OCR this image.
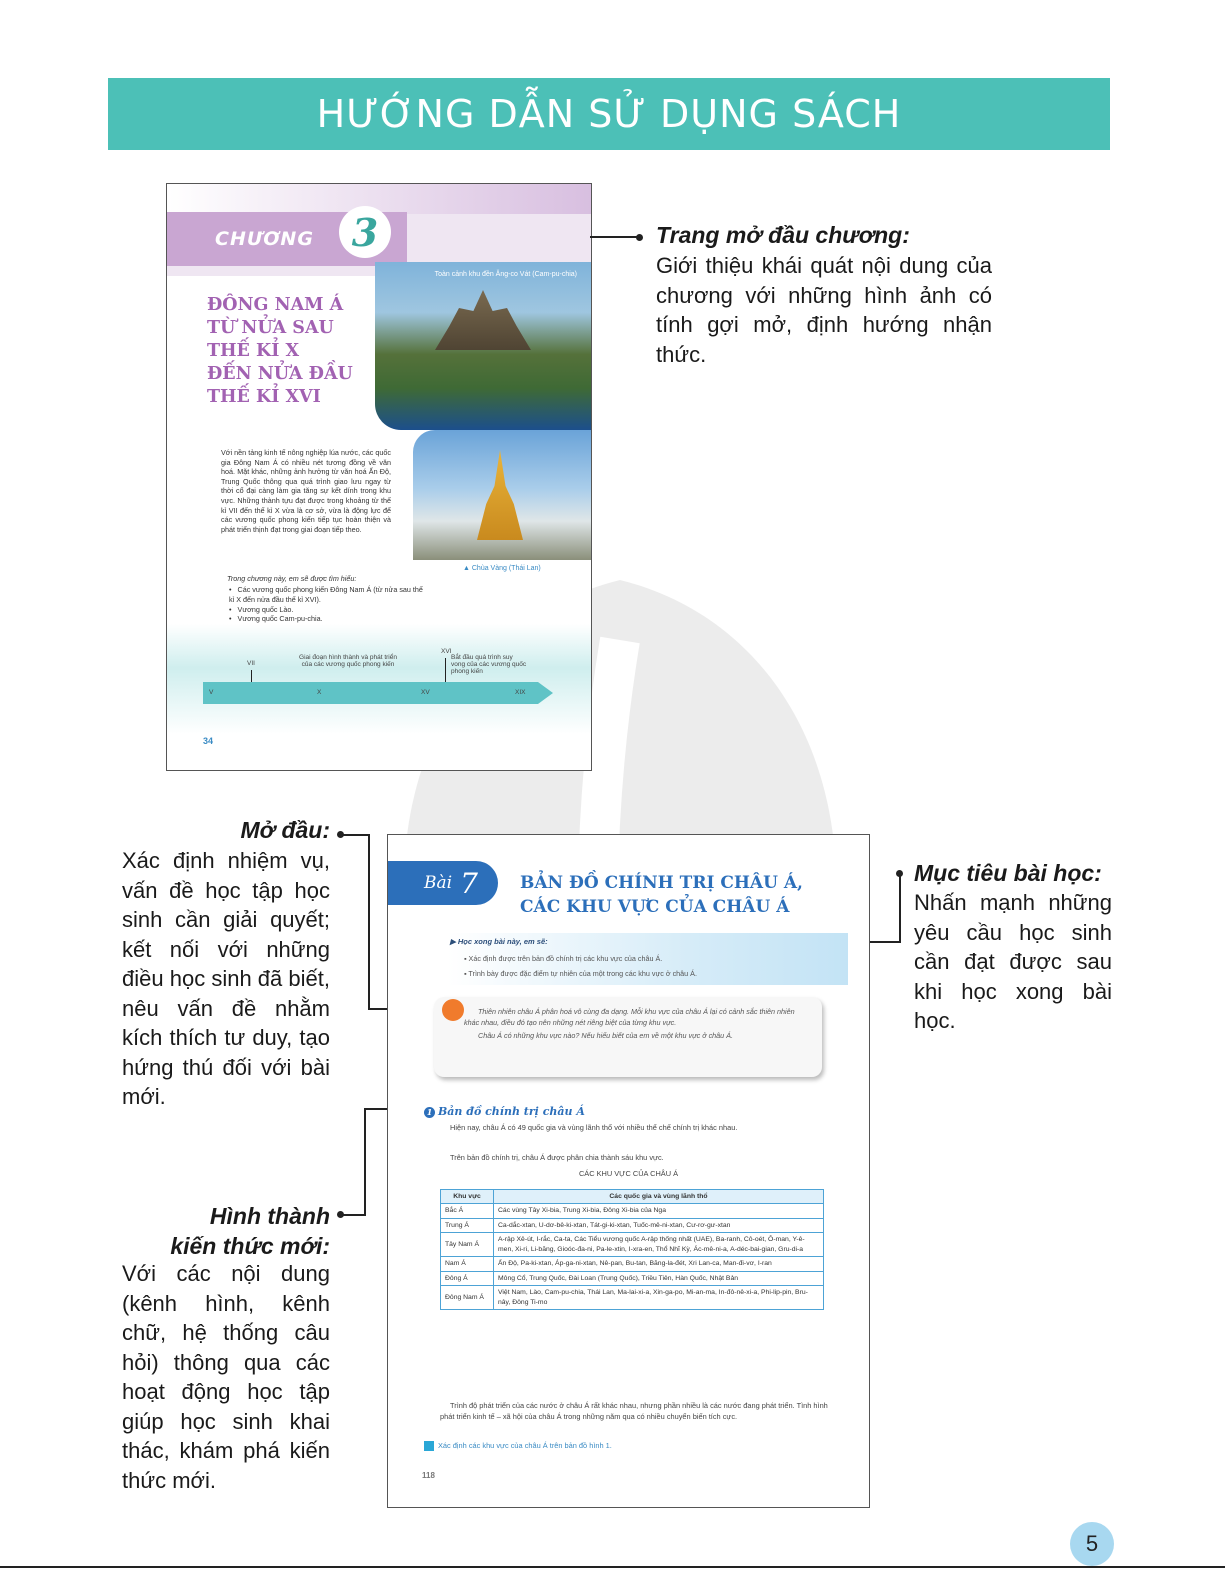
HƯỚNG DẪN SỬ DỤNG SÁCH
CHƯƠNG 3
ĐÔNG NAM Á
TỪ NỬA SAU
THẾ KỈ X
ĐẾN NỬA ĐẦU
THẾ KỈ XVI
Toàn cảnh khu đền Ăng-co Vát (Cam-pu-chia)
▲ Chùa Vàng (Thái Lan)
Với nền tảng kinh tế nông nghiệp lúa nước, các quốc gia Đông Nam Á có nhiều nét tương đồng về văn hoá. Mặt khác, những ảnh hưởng từ văn hoá Ấn Độ, Trung Quốc thông qua quá trình giao lưu ngay từ thời cổ đại càng làm gia tăng sự kết dính trong khu vực. Những thành tựu đạt được trong khoảng từ thế kỉ VII đến thế kỉ X vừa là cơ sở, vừa là động lực để các vương quốc phong kiến tiếp tục hoàn thiện và phát triển thịnh đạt trong giai đoạn tiếp theo.
Trong chương này, em sẽ được tìm hiểu:
• Các vương quốc phong kiến Đông Nam Á (từ nửa sau thế kỉ X đến nửa đầu thế kỉ XVI).
• Vương quốc Lào.
• Vương quốc Cam-pu-chia.
Giai đoạn hình thành và phát triển của các vương quốc phong kiến
Bắt đầu quá trình suy vong của các vương quốc phong kiến
VII
XVI
V	X	XV	XIX
34
Trang mở đầu chương:
Giới thiệu khái quát nội dung của chương với những hình ảnh có tính gợi mở, định hướng nhận thức.
Mở đầu:
Xác định nhiệm vụ, vấn đề học tập học sinh cần giải quyết; kết nối với những điều học sinh đã biết, nêu vấn đề nhằm kích thích tư duy, tạo hứng thú đối với bài mới.
Hình thành
kiến thức mới:
Với các nội dung (kênh hình, kênh chữ, hệ thống câu hỏi) thông qua các hoạt động học tập giúp học sinh khai thác, khám phá kiến thức mới.
Mục tiêu bài học:
Nhấn mạnh những yêu cầu học sinh cần đạt được sau khi học xong bài học.
Bài 7 BẢN ĐỒ CHÍNH TRỊ CHÂU Á,
CÁC KHU VỰC CỦA CHÂU Á
▶ Học xong bài này, em sẽ:
▪ Xác định được trên bản đồ chính trị các khu vực của châu Á.
▪ Trình bày được đặc điểm tự nhiên của một trong các khu vực ở châu Á.
Thiên nhiên châu Á phân hoá vô cùng đa dạng. Mỗi khu vực của châu Á lại có cảnh sắc thiên nhiên khác nhau, điều đó tạo nên những nét riêng biệt của từng khu vực.
Châu Á có những khu vực nào? Nếu hiểu biết của em về một khu vực ở châu Á.
1 Bản đồ chính trị châu Á
Hiện nay, châu Á có 49 quốc gia và vùng lãnh thổ với nhiều thể chế chính trị khác nhau.
Trên bản đồ chính trị, châu Á được phân chia thành sáu khu vực.
CÁC KHU VỰC CỦA CHÂU Á
Khu vực	Các quốc gia và vùng lãnh thổ
Bắc Á	Các vùng Tây Xi-bia, Trung Xi-bia, Đông Xi-bia của Nga
Trung Á	Ca-dắc-xtan, U-dơ-bê-ki-xtan, Tát-gi-ki-xtan, Tuốc-mê-ni-xtan, Cư-rơ-gư-xtan
Tây Nam Á	A-rập Xê-út, I-rắc, Ca-ta, Các Tiểu vương quốc A-rập thống nhất (UAE), Ba-ranh, Cô-oét, Ô-man, Y-ê-men, Xi-ri, Li-băng, Gioóc-đa-ni, Pa-le-xtin, I-xra-en, Thổ Nhĩ Kỳ, Ác-mê-ni-a, A-déc-bai-gian, Gru-di-a
Nam Á	Ấn Độ, Pa-ki-xtan, Áp-ga-ni-xtan, Nê-pan, Bu-tan, Băng-la-đét, Xri Lan-ca, Man-đi-vơ, I-ran
Đông Á	Mông Cổ, Trung Quốc, Đài Loan (Trung Quốc), Triều Tiên, Hàn Quốc, Nhật Bản
Đông Nam Á	Việt Nam, Lào, Cam-pu-chia, Thái Lan, Ma-lai-xi-a, Xin-ga-po, Mi-an-ma, In-đô-nê-xi-a, Phi-lip-pin, Bru-nây, Đông Ti-mo
Trình độ phát triển của các nước ở châu Á rất khác nhau, nhưng phần nhiều là các nước đang phát triển. Tình hình phát triển kinh tế – xã hội của châu Á trong những năm qua có nhiều chuyển biến tích cực.
Xác định các khu vực của châu Á trên bản đồ hình 1.
118
5
